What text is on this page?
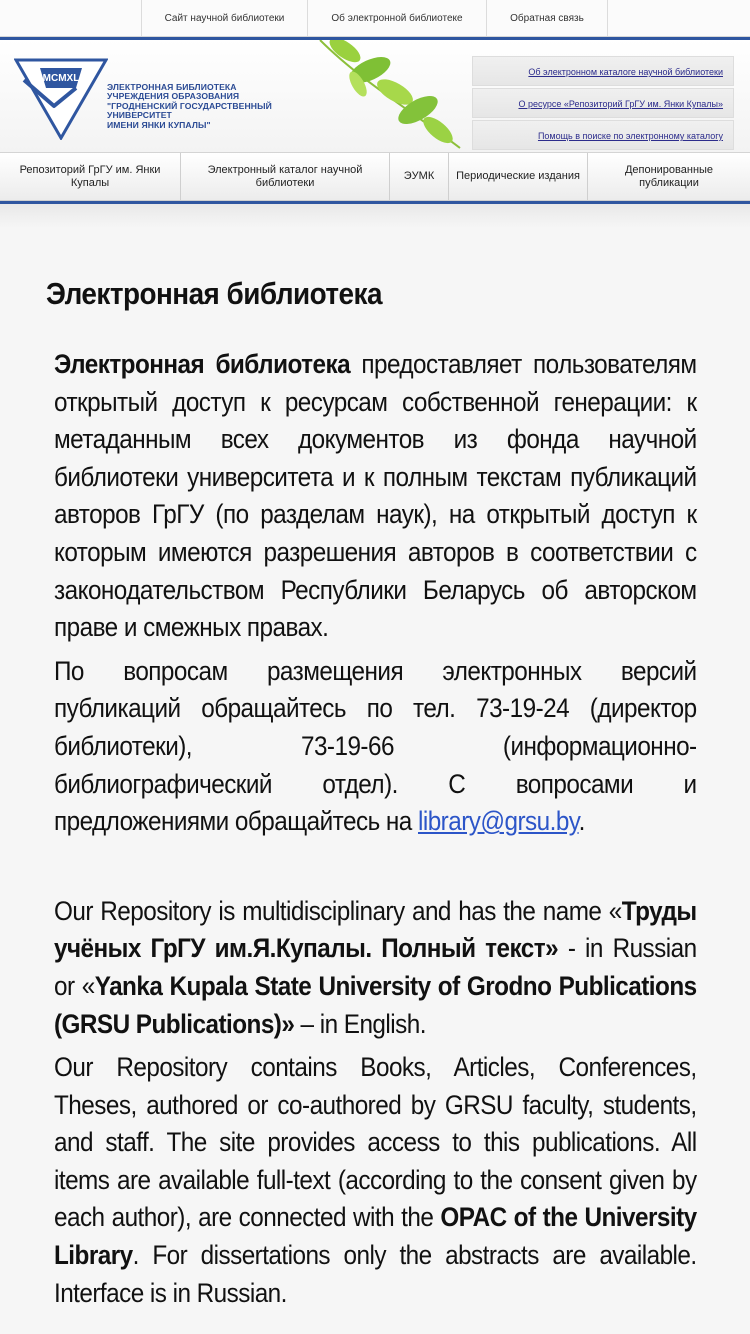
Сайт научной библиотеки	Об электронной библиотеке	Обратная связь
MCMXL
ЭЛЕКТРОННАЯ БИБЛИОТЕКА
УЧРЕЖДЕНИЯ ОБРАЗОВАНИЯ
"ГРОДНЕНСКИЙ ГОСУДАРСТВЕННЫЙ
УНИВЕРСИТЕТ
ИМЕНИ ЯНКИ КУПАЛЫ"
Об электронном каталоге научной библиотеки
О ресурсе «Репозиторий ГрГУ им. Янки Купалы»
Помощь в поиске по электронному каталогу
Репозиторий ГрГУ им. Янки Купалы
Электронный каталог научной библиотеки
ЭУМК	Периодические издания
Депонированные публикации
Электронная библиотека

Электронная библиотека предоставляет пользователям открытый доступ к ресурсам собственной генерации: к метаданным всех документов из фонда научной библиотеки университета и к полным текстам публикаций авторов ГрГУ (по разделам наук), на открытый доступ к которым имеются разрешения авторов в соответствии с законодательством Республики Беларусь об авторском праве и смежных правах.

По вопросам размещения электронных версий публикаций обращайтесь по тел. 73-19-24 (директор библиотеки), 73-19-66 (информационно-библиографический отдел). С вопросами и предложениями обращайтесь на library@grsu.by.

Our Repository is multidisciplinary and has the name «Труды учёных ГрГУ им.Я.Купалы. Полный текст» - in Russian or «Yanka Kupala State University of Grodno Publications (GRSU Publications)» – in English.

Our Repository contains Books, Articles, Conferences, Theses, authored or co-authored by GRSU faculty, students, and staff. The site provides access to this publications. All items are available full-text (according to the consent given by each author), are connected with the OPAC of the University Library. For dissertations only the abstracts are available. Interface is in Russian.
